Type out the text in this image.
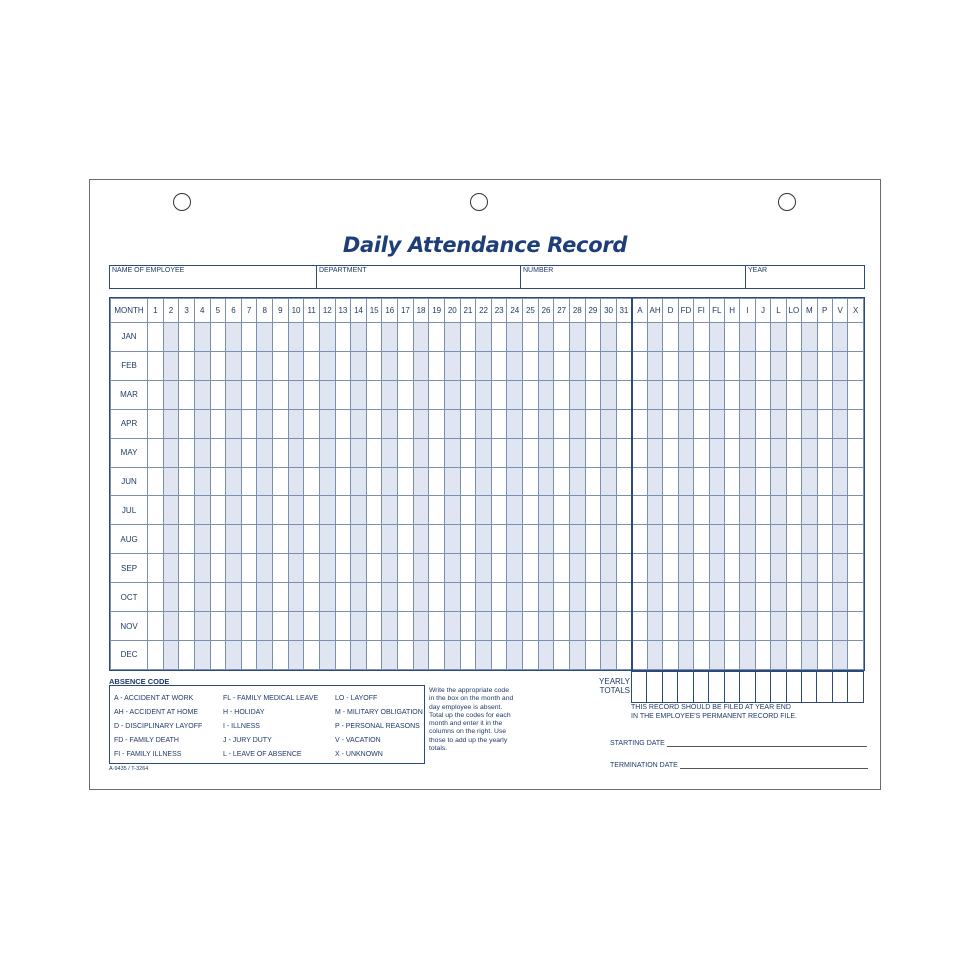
Daily Attendance Record
NAME OF EMPLOYEE	DEPARTMENT	NUMBER	YEAR
MONTH	1	2	3	4	5	6	7	8	9	10	11	12	13	14	15	16	17	18	19	20	21	22	23	24	25	26	27	28	29	30	31	A	AH	D	FD	FI	FL	H	I	J	L	LO	M	P	V	X
JAN																																														
FEB																																														
MAR																																														
APR																																														
MAY																																														
JUN																																														
JUL																																														
AUG																																														
SEP																																														
OCT																																														
NOV																																														
DEC																																														
YEARLY TOTALS

ABSENCE CODE
A - ACCIDENT AT WORK
AH - ACCIDENT AT HOME
D - DISCIPLINARY LAYOFF
FD - FAMILY DEATH
FI - FAMILY ILLNESS
FL - FAMILY MEDICAL LEAVE
H - HOLIDAY
I - ILLNESS
J - JURY DUTY
L - LEAVE OF ABSENCE
LO - LAYOFF
M - MILITARY OBLIGATION
P - PERSONAL REASONS
V - VACATION
X - UNKNOWN
Write the appropriate code in the box on the month and day employee is absent. Total up the codes for each month and enter it in the columns on the right. Use those to add up the yearly totals.
THIS RECORD SHOULD BE FILED AT YEAR END
IN THE EMPLOYEE'S PERMANENT RECORD FILE.
STARTING DATE
TERMINATION DATE
A-9435 / T-3264
